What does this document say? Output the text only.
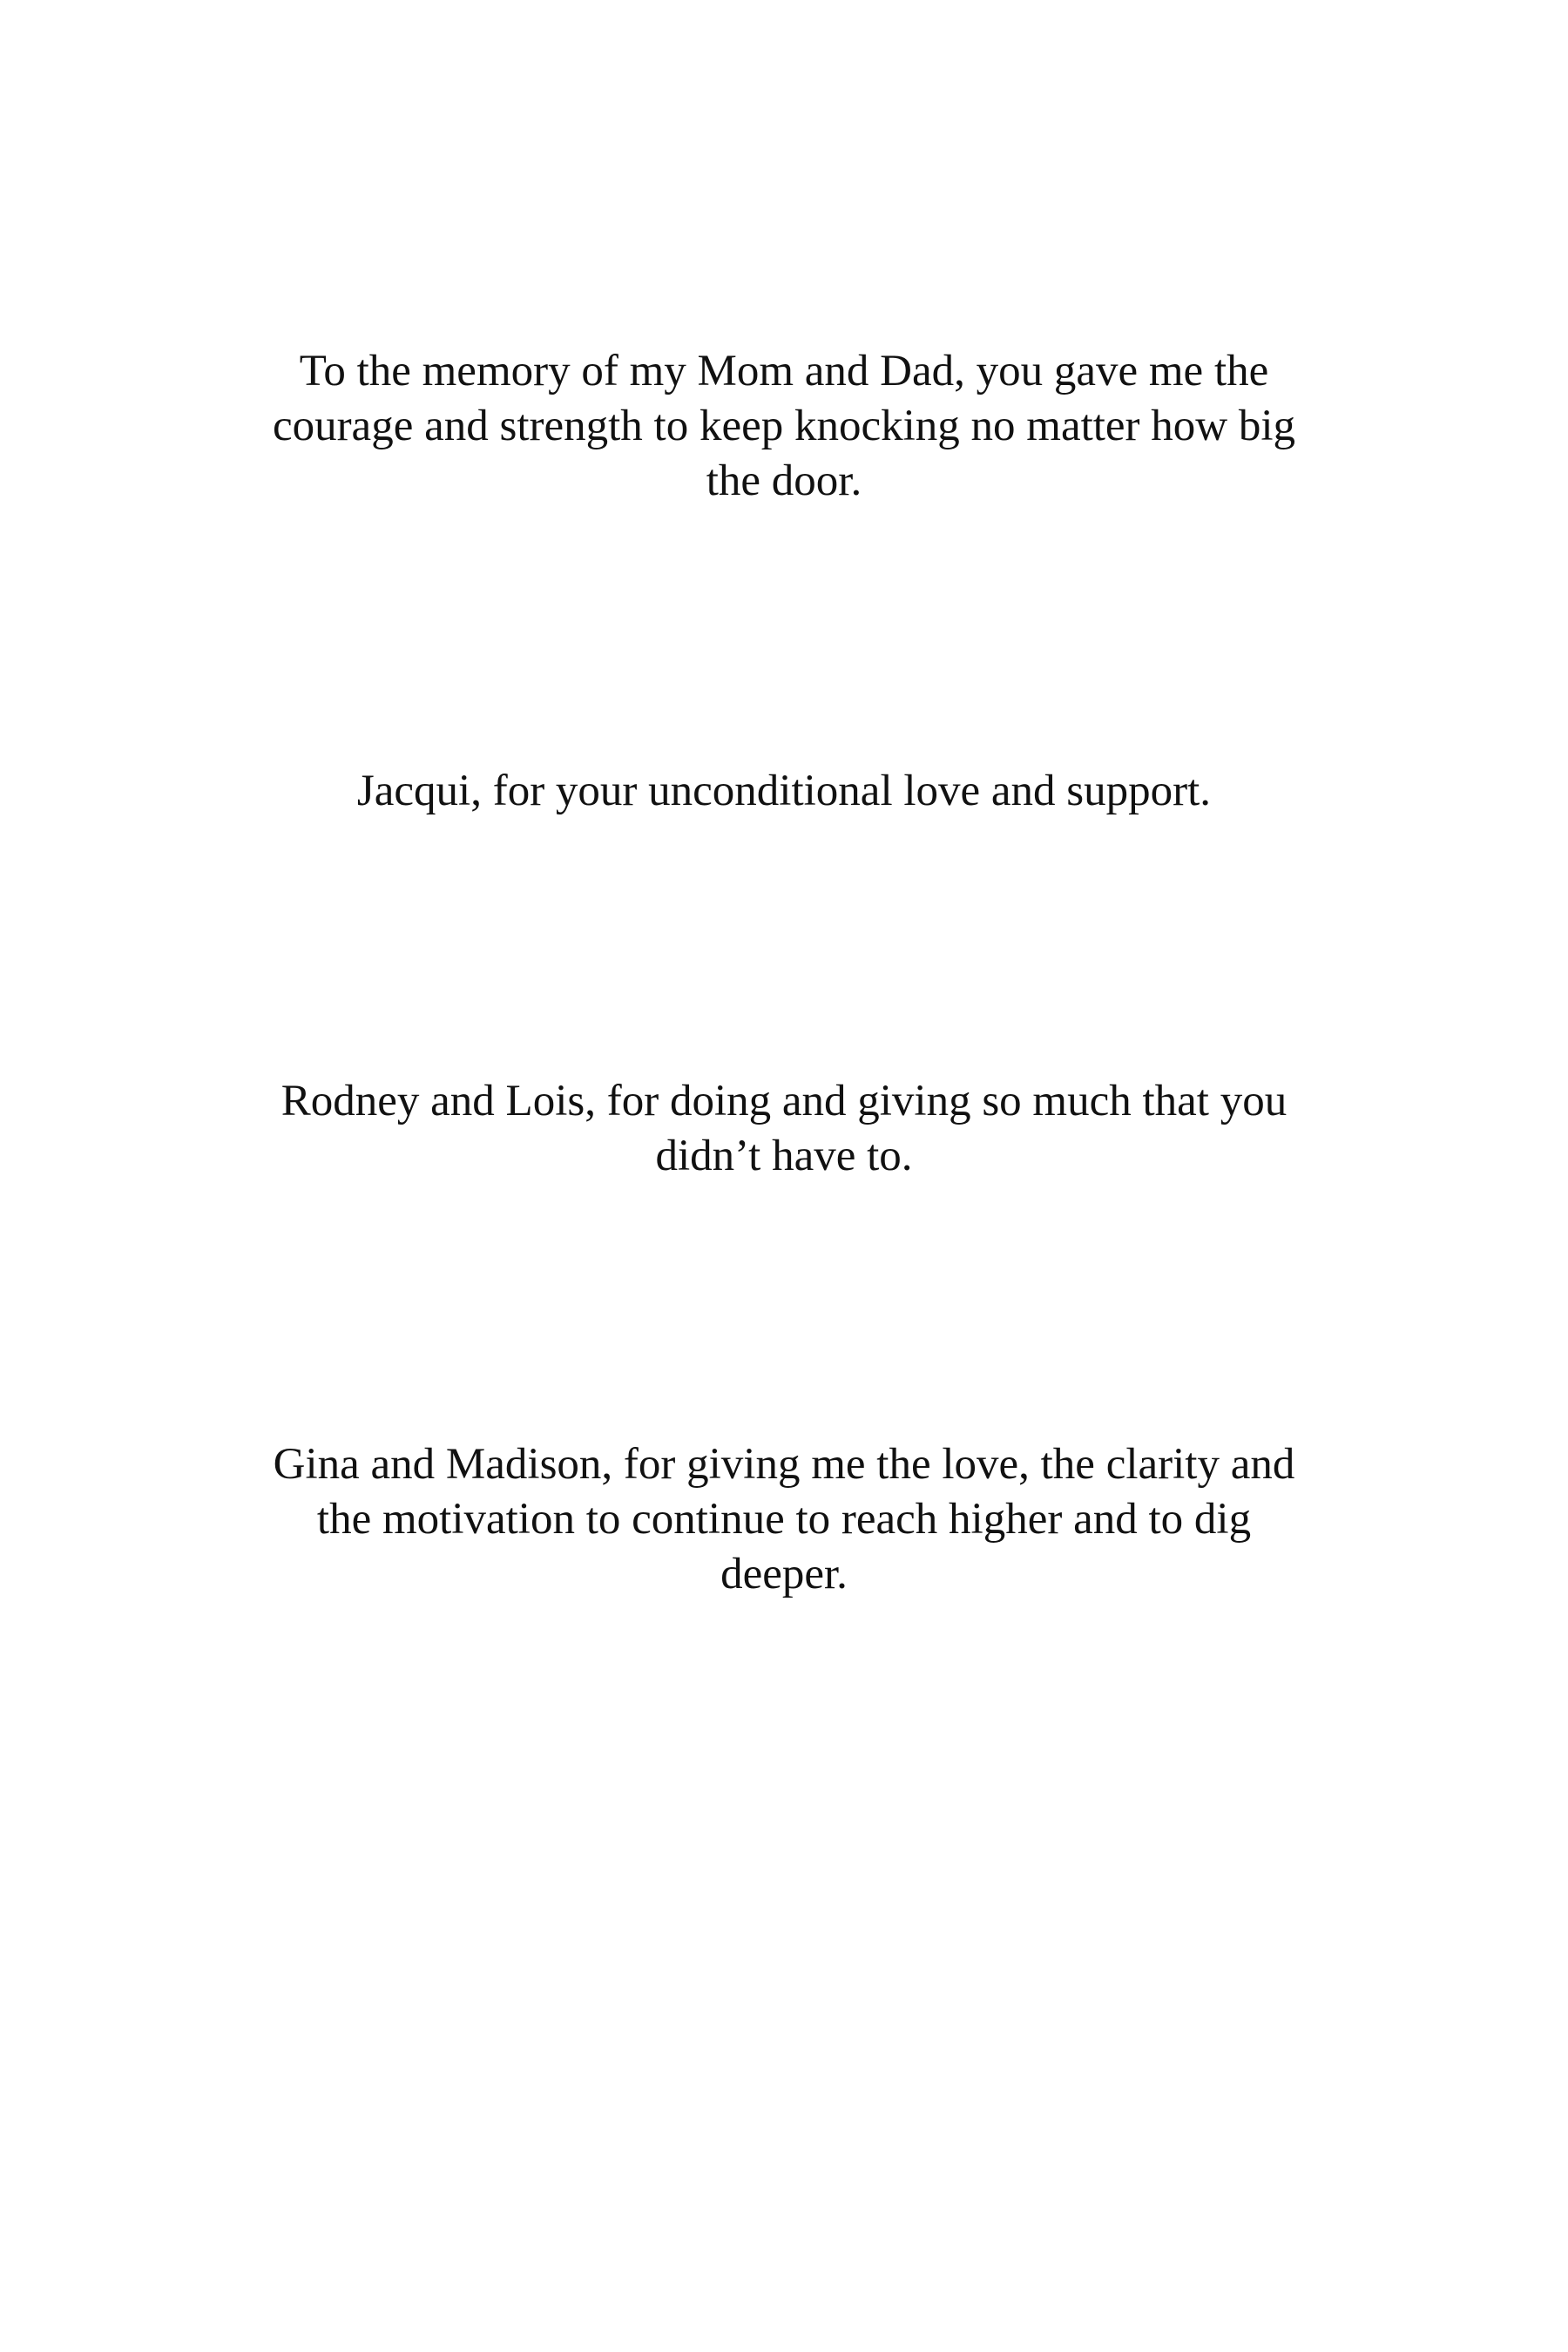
To the memory of my Mom and Dad, you gave me the
courage and strength to keep knocking no matter how big
the door.

Jacqui, for your unconditional love and support.

Rodney and Lois, for doing and giving so much that you
didn’t have to.

Gina and Madison, for giving me the love, the clarity and
the motivation to continue to reach higher and to dig
deeper.
